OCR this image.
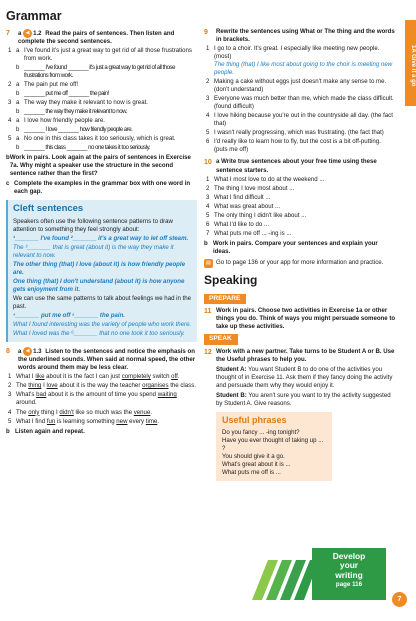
1A Give it a go
Grammar
7	a ◀ 1.2 Read the pairs of sentences. Then listen and complete the second sentences.
1 a I've found it's just a great way to get rid of all those frustrations from work.
b _______ I've found _______ it's just a great way to get rid of all those frustrations from work.
2 a The pain put me off!
b _______ put me off _______ the pain!
3 a The way they make it relevant to now is great.
b _______ the way they make it relevant to now.
4 a I love how friendly people are.
b _______ I love _______ how friendly people are.
5 a No one in this class takes it too seriously, which is great.
b _______ this class _______ no one takes it too seriously.
b Work in pairs. Look again at the pairs of sentences in Exercise 7a. Why might a speaker use the structure in the second sentence rather than the first?
c Complete the examples in the grammar box with one word in each gap.
Cleft sentences
Speakers often use the following sentence patterns to draw attention to something they feel strongly about:
¹_______ I've found ²_______ it's a great way to let off steam.
The ³_______ that is great (about it) is the way they make it relevant to now.
The other thing (that) I love (about it) is how friendly people are.
One thing (that) I don't understand (about it) is how anyone gets enjoyment from it.
We can use the same patterns to talk about feelings we had in the past.
⁴_______ put me off ⁵_______ the pain.
What I found interesting was the variety of people who work there.
What I loved was the ⁶_______ that no one took it too seriously.
8	a ◀ 1.3 Listen to the sentences and notice the emphasis on the underlined sounds. When said at normal speed, the other words around them may be less clear.
1 What I like about it is the fact I can just completely switch off.
2 The thing I love about it is the way the teacher organises the class.
3 What's bad about it is the amount of time you spend waiting around.
4 The only thing I didn't like so much was the venue.
5 What I find fun is learning something new every time.
b Listen again and repeat.
9	Rewrite the sentences using What or The thing and the words in brackets.
1 I go to a choir. It's great. I especially like meeting new people. (most)
The thing (that) I like most about going to the choir is meeting new people.
2 Making a cake without eggs just doesn't make any sense to me. (don't understand)
3 Everyone was much better than me, which made the class difficult. (found difficult)
4 I love hiking because you're out in the countryside all day. (the fact that)
5 I wasn't really progressing, which was frustrating. (the fact that)
6 I'd really like to learn how to fly, but the cost is a bit off-putting. (puts me off)
10 a Write true sentences about your free time using these sentence starters.
1 What I most love to do at the weekend ...
2 The thing I love most about ...
3 What I find difficult ...
4 What was great about ...
5 The only thing I didn't like about ...
6 What I'd like to do ...
7 What puts me off ... -ing is ...
b Work in pairs. Compare your sentences and explain your ideas.
▤ Go to page 136 or your app for more information and practice.
Speaking
PREPARE
11 Work in pairs. Choose two activities in Exercise 1a or other things you do. Think of ways you might persuade someone to take up these activities.
SPEAK
12 Work with a new partner. Take turns to be Student A or B. Use the Useful phrases to help you.
Student A: You want Student B to do one of the activities you thought of in Exercise 11. Ask them if they fancy doing the activity and persuade them why they would enjoy it.
Student B: You aren't sure you want to try the activity suggested by Student A. Give reasons.
Useful phrases
Do you fancy ... -ing tonight?
Have you ever thought of taking up ... ?
You should give it a go.
What's great about it is ...
What puts me off is ...
Develop
your
writing
page 116
7
